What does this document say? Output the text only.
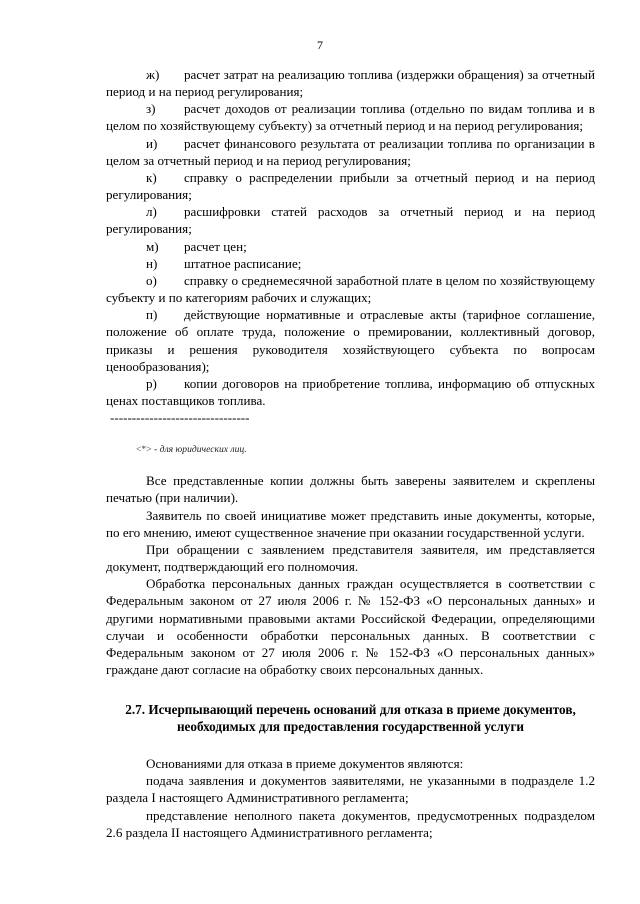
7

ж) расчет затрат на реализацию топлива (издержки обращения) за отчетный период и на период регулирования;

з) расчет доходов от реализации топлива (отдельно по видам топлива и в целом по хозяйствующему субъекту) за отчетный период и на период регулирования;

и) расчет финансового результата от реализации топлива по организации в целом за отчетный период и на период регулирования;

к) справку о распределении прибыли за отчетный период и на период регулирования;

л) расшифровки статей расходов за отчетный период и на период регулирования;

м) расчет цен;

н) штатное расписание;

о) справку о среднемесячной заработной плате в целом по хозяйствующему субъекту и по категориям рабочих и служащих;

п) действующие нормативные и отраслевые акты (тарифное соглашение, положение об оплате труда, положение о премировании, коллективный договор, приказы и решения руководителя хозяйствующего субъекта по вопросам ценообразования);

р) копии договоров на приобретение топлива, информацию об отпускных ценах поставщиков топлива.

--------------------------------
<*> - для юридических лиц.

Все представленные копии должны быть заверены заявителем и скреплены печатью (при наличии).

Заявитель по своей инициативе может представить иные документы, которые, по его мнению, имеют существенное значение при оказании государственной услуги.

При обращении с заявлением представителя заявителя, им представляется документ, подтверждающий его полномочия.

Обработка персональных данных граждан осуществляется в соответствии с Федеральным законом от 27 июля 2006 г. № 152-ФЗ «О персональных данных» и другими нормативными правовыми актами Российской Федерации, определяющими случаи и особенности обработки персональных данных. В соответствии с Федеральным законом от 27 июля 2006 г. № 152-ФЗ «О персональных данных» граждане дают согласие на обработку своих персональных данных.

2.7. Исчерпывающий перечень оснований для отказа в приеме документов, необходимых для предоставления государственной услуги

Основаниями для отказа в приеме документов являются:

подача заявления и документов заявителями, не указанными в подразделе 1.2 раздела I настоящего Административного регламента;

представление неполного пакета документов, предусмотренных подразделом 2.6 раздела II настоящего Административного регламента;
